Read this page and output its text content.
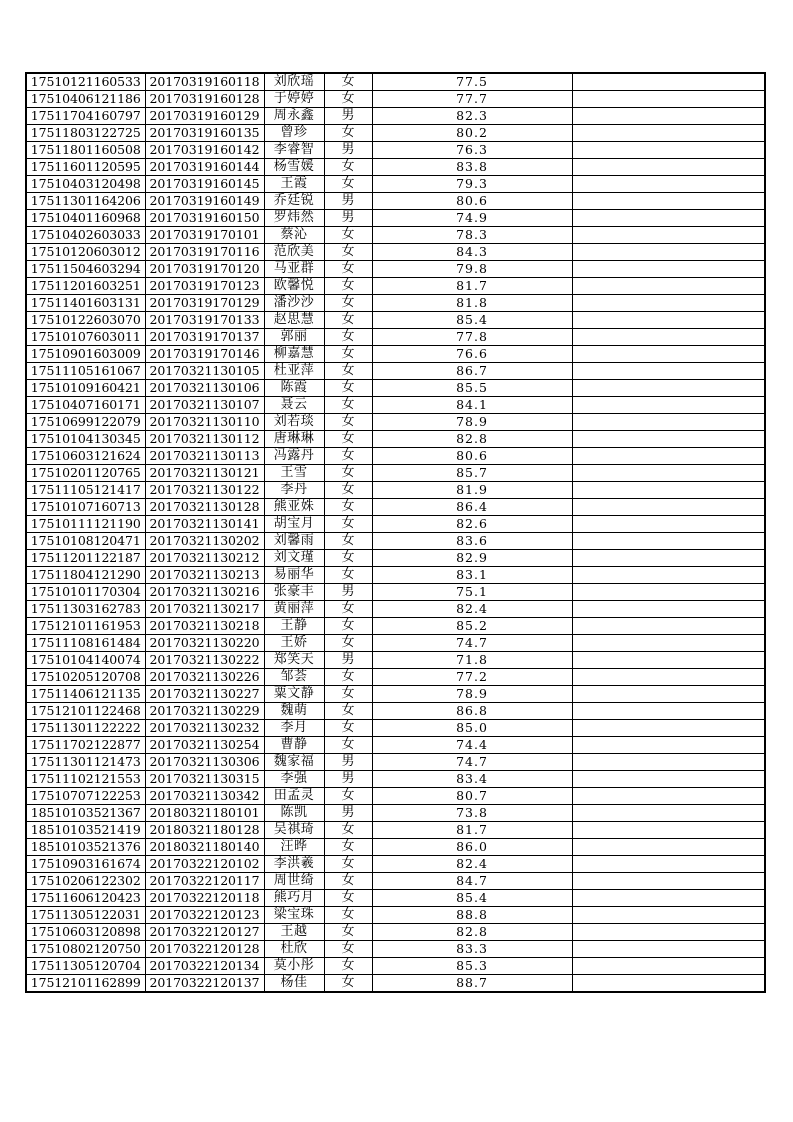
17510121160533	20170319160118	刘欣瑶	女	77.5	
17510406121186	20170319160128	于婷婷	女	77.7	
17511704160797	20170319160129	周永鑫	男	82.3	
17511803122725	20170319160135	曾珍	女	80.2	
17511801160508	20170319160142	李睿智	男	76.3	
17511601120595	20170319160144	杨雪媛	女	83.8	
17510403120498	20170319160145	王霞	女	79.3	
17511301164206	20170319160149	乔廷锐	男	80.6	
17510401160968	20170319160150	罗炜然	男	74.9	
17510402603033	20170319170101	蔡沁	女	78.3	
17510120603012	20170319170116	范欣美	女	84.3	
17511504603294	20170319170120	马亚群	女	79.8	
17511201603251	20170319170123	欧馨悦	女	81.7	
17511401603131	20170319170129	潘沙沙	女	81.8	
17510122603070	20170319170133	赵思慧	女	85.4	
17510107603011	20170319170137	郭丽	女	77.8	
17510901603009	20170319170146	柳嘉慧	女	76.6	
17511105161067	20170321130105	杜亚萍	女	86.7	
17510109160421	20170321130106	陈霞	女	85.5	
17510407160171	20170321130107	聂云	女	84.1	
17510699122079	20170321130110	刘若琰	女	78.9	
17510104130345	20170321130112	唐琳琳	女	82.8	
17510603121624	20170321130113	冯露丹	女	80.6	
17510201120765	20170321130121	王雪	女	85.7	
17511105121417	20170321130122	李丹	女	81.9	
17510107160713	20170321130128	熊亚姝	女	86.4	
17510111121190	20170321130141	胡宝月	女	82.6	
17510108120471	20170321130202	刘馨雨	女	83.6	
17511201122187	20170321130212	刘文瑾	女	82.9	
17511804121290	20170321130213	易丽华	女	83.1	
17510101170304	20170321130216	张豪丰	男	75.1	
17511303162783	20170321130217	黄丽萍	女	82.4	
17512101161953	20170321130218	王静	女	85.2	
17511108161484	20170321130220	王娇	女	74.7	
17510104140074	20170321130222	郑笑天	男	71.8	
17510205120708	20170321130226	邹荟	女	77.2	
17511406121135	20170321130227	粟文静	女	78.9	
17512101122468	20170321130229	魏萌	女	86.8	
17511301122222	20170321130232	李月	女	85.0	
17511702122877	20170321130254	曹静	女	74.4	
17511301121473	20170321130306	魏家福	男	74.7	
17511102121553	20170321130315	李强	男	83.4	
17510707122253	20170321130342	田孟灵	女	80.7	
18510103521367	20180321180101	陈凯	男	73.8	
18510103521419	20180321180128	吴祺琦	女	81.7	
18510103521376	20180321180140	汪晔	女	86.0	
17510903161674	20170322120102	李洪羲	女	82.4	
17510206122302	20170322120117	周世绮	女	84.7	
17511606120423	20170322120118	熊巧月	女	85.4	
17511305122031	20170322120123	梁宝珠	女	88.8	
17510603120898	20170322120127	王越	女	82.8	
17510802120750	20170322120128	杜欣	女	83.3	
17511305120704	20170322120134	莫小彤	女	85.3	
17512101162899	20170322120137	杨佳	女	88.7	
